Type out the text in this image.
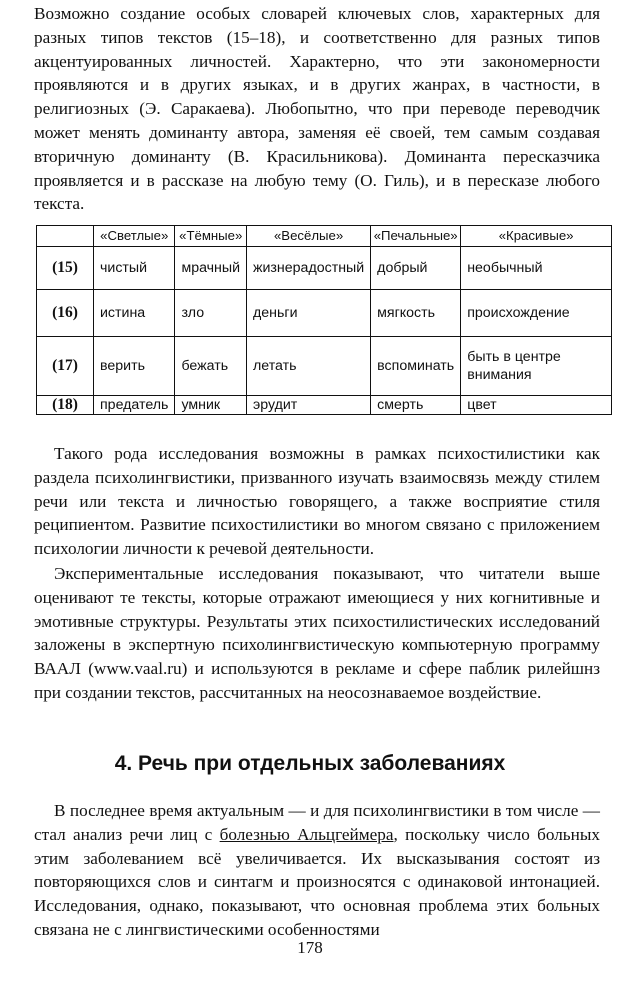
Возможно создание особых словарей ключевых слов, характерных для разных типов текстов (15–18), и соответственно для разных типов акцентуированных личностей. Характерно, что эти закономерности проявляются и в других языках, и в других жанрах, в частности, в религиозных (Э. Саракаева). Любопытно, что при переводе переводчик может менять доминанту автора, заменяя её своей, тем самым создавая вторичную доминанту (В. Красильникова). Доминанта пересказчика проявляется и в рассказе на любую тему (О. Гиль), и в пересказе любого текста.

	«Светлые»	«Тёмные»	«Весёлые»	«Печальные»	«Красивые»
(15)	чистый	мрачный	жизнерадостный	добрый	необычный
(16)	истина	зло	деньги	мягкость	происхождение
(17)	верить	бежать	летать	вспоминать	быть в центре внимания
(18)	предатель	умник	эрудит	смерть	цвет

Такого рода исследования возможны в рамках психостилистики как раздела психолингвистики, призванного изучать взаимосвязь между стилем речи или текста и личностью говорящего, а также восприятие стиля реципиентом. Развитие психостилистики во многом связано с приложением психологии личности к речевой деятельности.

Экспериментальные исследования показывают, что читатели выше оценивают те тексты, которые отражают имеющиеся у них когнитивные и эмотивные структуры. Результаты этих психостилистических исследований заложены в экспертную психолингвистическую компьютерную программу ВААЛ (www.vaal.ru) и используются в рекламе и сфере паблик рилейшнз при создании текстов, рассчитанных на неосознаваемое воздействие.

4. Речь при отдельных заболеваниях

В последнее время актуальным — и для психолингвистики в том числе — стал анализ речи лиц с болезнью Альцгеймера, поскольку число больных этим заболеванием всё увеличивается. Их высказывания состоят из повторяющихся слов и синтагм и произносятся с одинаковой интонацией. Исследования, однако, показывают, что основная проблема этих больных связана не с лингвистическими особенностями

178
